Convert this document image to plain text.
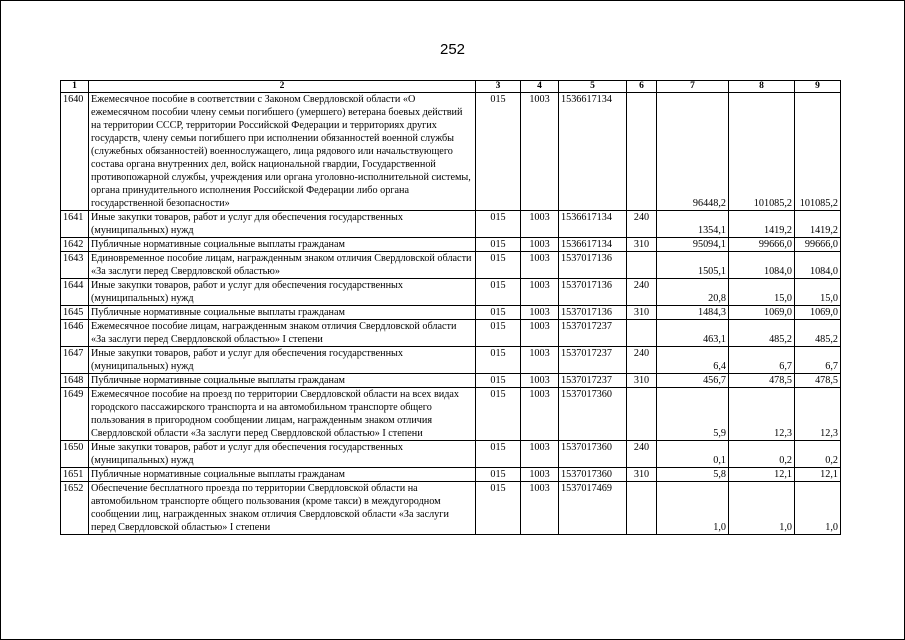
252
1	2	3	4	5	6	7	8	9
1640	Ежемесячное пособие в соответствии с Законом Свердловской области «О ежемесячном пособии члену семьи погибшего (умершего) ветерана боевых действий на территории СССР, территории Российской Федерации и территориях других государств, члену семьи погибшего при исполнении обязанностей военной службы (служебных обязанностей) военнослужащего, лица рядового или начальствующего состава органа внутренних дел, войск национальной гвардии, Государственной противопожарной службы, учреждения или органа уголовно-исполнительной системы, органа принудительного исполнения Российской Федерации либо органа государственной безопасности»	015	1003	1536617134		96448,2	101085,2	101085,2
1641	Иные закупки товаров, работ и услуг для обеспечения государственных (муниципальных) нужд	015	1003	1536617134	240	1354,1	1419,2	1419,2
1642	Публичные нормативные социальные выплаты гражданам	015	1003	1536617134	310	95094,1	99666,0	99666,0
1643	Единовременное пособие лицам, награжденным знаком отличия Свердловской области «За заслуги перед Свердловской областью»	015	1003	1537017136		1505,1	1084,0	1084,0
1644	Иные закупки товаров, работ и услуг для обеспечения государственных (муниципальных) нужд	015	1003	1537017136	240	20,8	15,0	15,0
1645	Публичные нормативные социальные выплаты гражданам	015	1003	1537017136	310	1484,3	1069,0	1069,0
1646	Ежемесячное пособие лицам, награжденным знаком отличия Свердловской области «За заслуги перед Свердловской областью» I степени	015	1003	1537017237		463,1	485,2	485,2
1647	Иные закупки товаров, работ и услуг для обеспечения государственных (муниципальных) нужд	015	1003	1537017237	240	6,4	6,7	6,7
1648	Публичные нормативные социальные выплаты гражданам	015	1003	1537017237	310	456,7	478,5	478,5
1649	Ежемесячное пособие на проезд по территории Свердловской области на всех видах городского пассажирского транспорта и на автомобильном транспорте общего пользования в пригородном сообщении лицам, награжденным знаком отличия Свердловской области «За заслуги перед Свердловской областью» I степени	015	1003	1537017360		5,9	12,3	12,3
1650	Иные закупки товаров, работ и услуг для обеспечения государственных (муниципальных) нужд	015	1003	1537017360	240	0,1	0,2	0,2
1651	Публичные нормативные социальные выплаты гражданам	015	1003	1537017360	310	5,8	12,1	12,1
1652	Обеспечение бесплатного проезда по территории Свердловской области на автомобильном транспорте общего пользования (кроме такси) в междугородном сообщении лиц, награжденных знаком отличия Свердловской области «За заслуги перед Свердловской областью» I степени	015	1003	1537017469		1,0	1,0	1,0
